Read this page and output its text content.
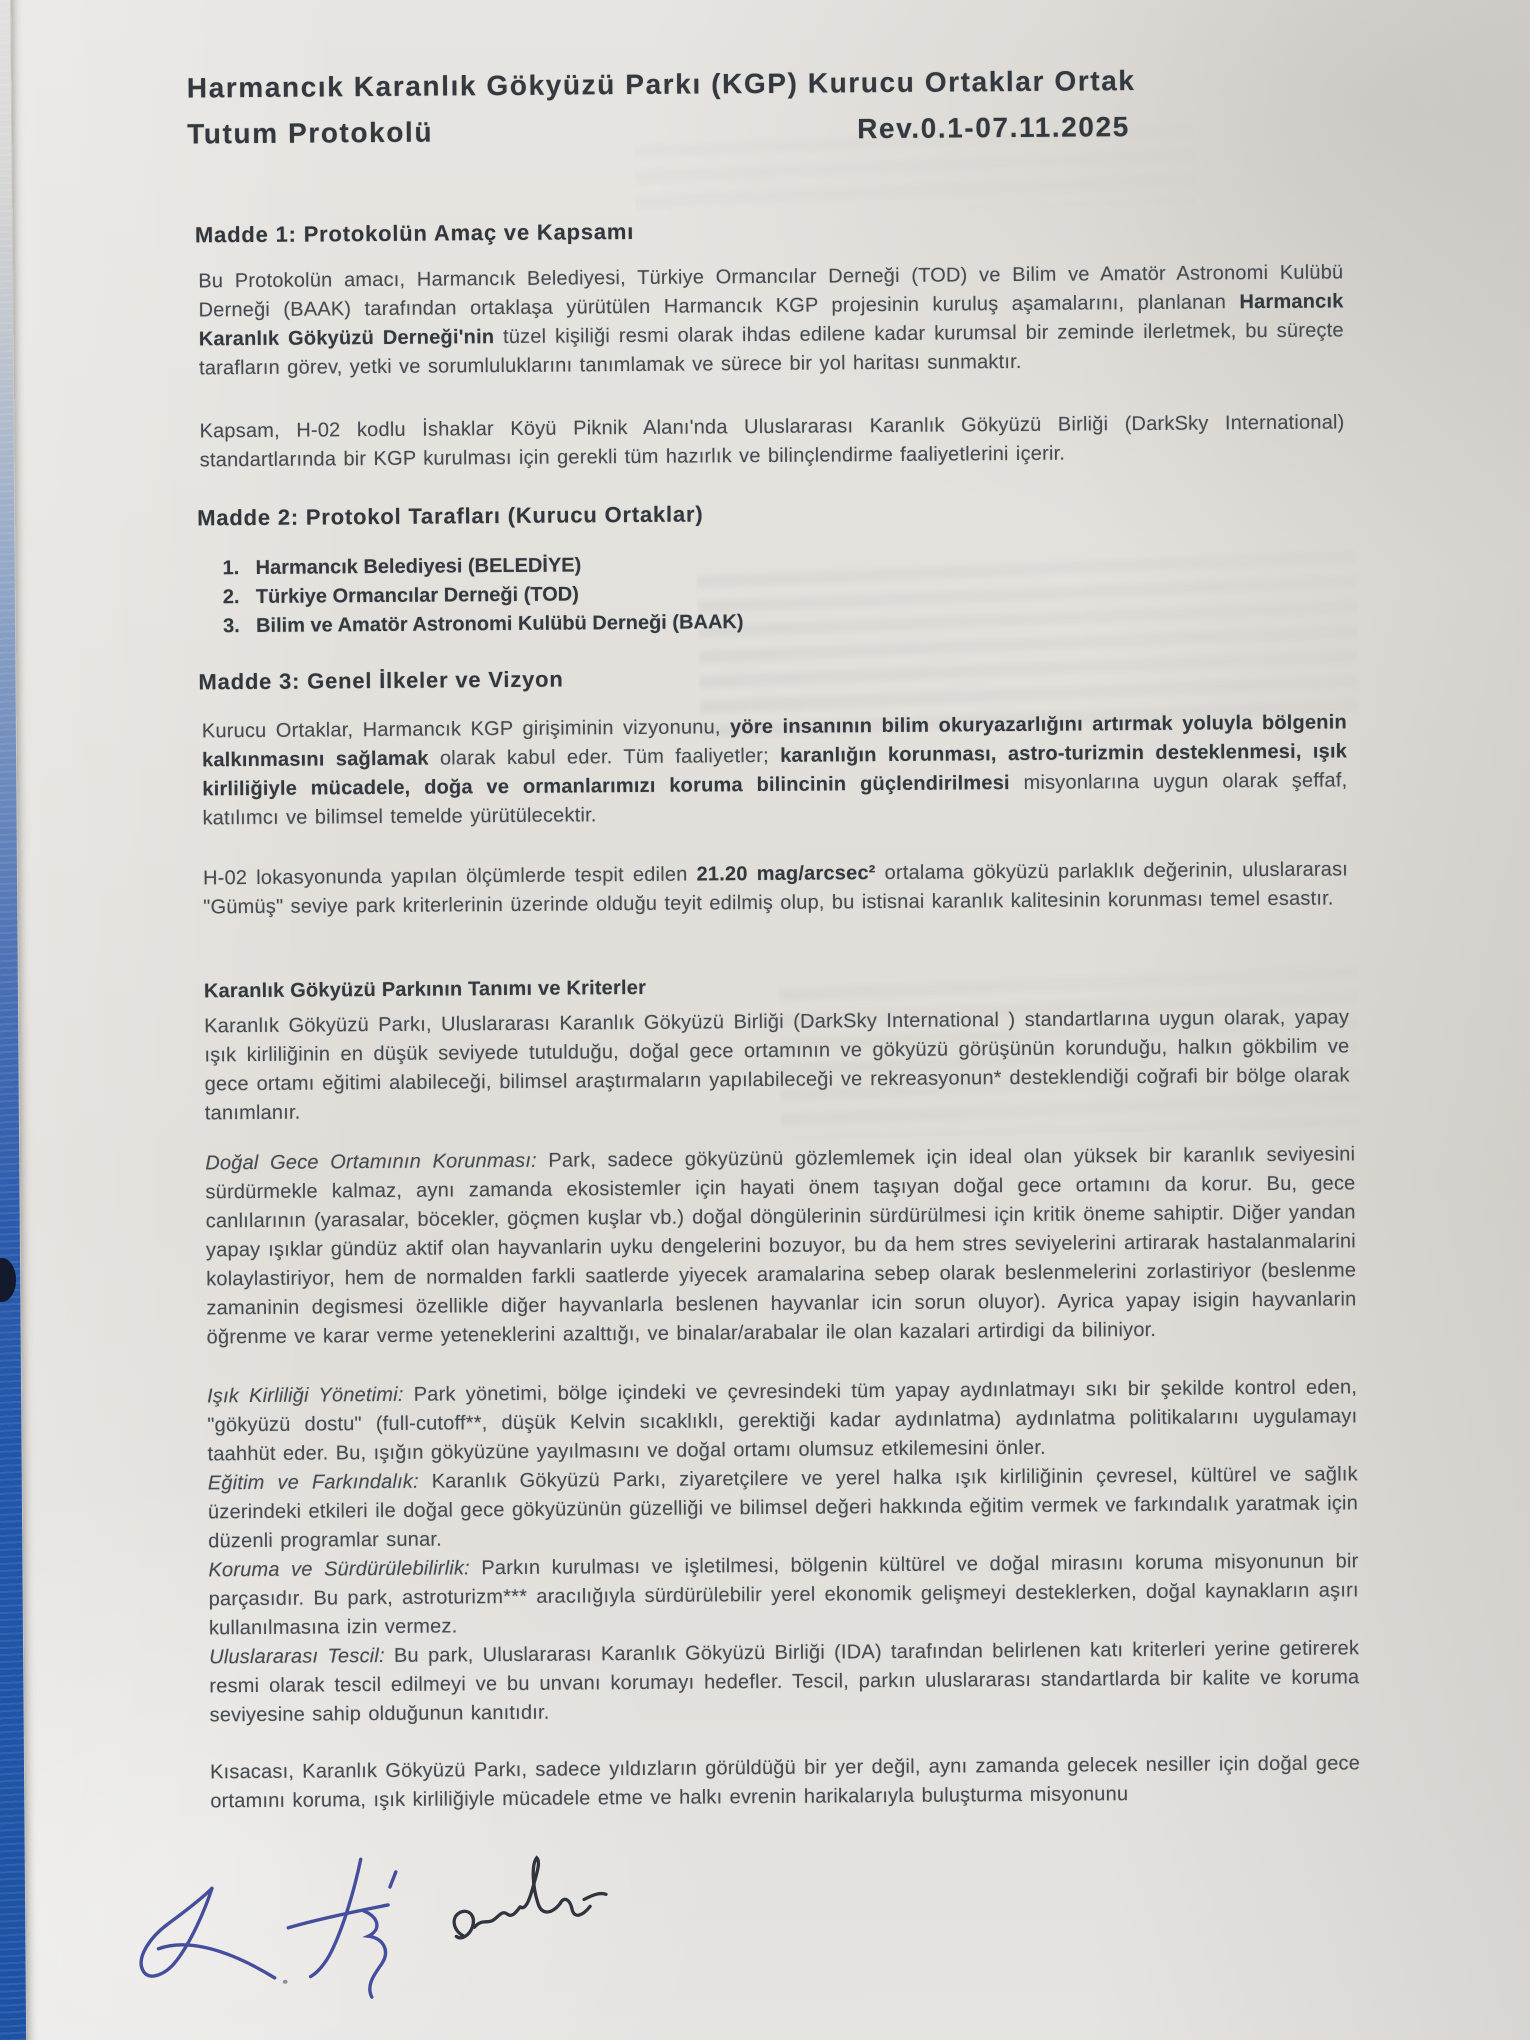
Harmancık Karanlık Gökyüzü Parkı (KGP) Kurucu Ortaklar Ortak
Tutum Protokolü	Rev.0.1-07.11.2025
Madde 1: Protokolün Amaç ve Kapsamı
Bu Protokolün amacı, Harmancık Belediyesi, Türkiye Ormancılar Derneği (TOD) ve Bilim ve Amatör Astronomi Kulübü Derneği (BAAK) tarafından ortaklaşa yürütülen Harmancık KGP projesinin kuruluş aşamalarını, planlanan Harmancık Karanlık Gökyüzü Derneği'nin tüzel kişiliği resmi olarak ihdas edilene kadar kurumsal bir zeminde ilerletmek, bu süreçte tarafların görev, yetki ve sorumluluklarını tanımlamak ve sürece bir yol haritası sunmaktır.
Kapsam, H-02 kodlu İshaklar Köyü Piknik Alanı'nda Uluslararası Karanlık Gökyüzü Birliği (DarkSky International) standartlarında bir KGP kurulması için gerekli tüm hazırlık ve bilinçlendirme faaliyetlerini içerir.
Madde 2: Protokol Tarafları (Kurucu Ortaklar)
1. Harmancık Belediyesi (BELEDİYE)
2. Türkiye Ormancılar Derneği (TOD)
3. Bilim ve Amatör Astronomi Kulübü Derneği (BAAK)
Madde 3: Genel İlkeler ve Vizyon
Kurucu Ortaklar, Harmancık KGP girişiminin vizyonunu, yöre insanının bilim okuryazarlığını artırmak yoluyla bölgenin kalkınmasını sağlamak olarak kabul eder. Tüm faaliyetler; karanlığın korunması, astro-turizmin desteklenmesi, ışık kirliliğiyle mücadele, doğa ve ormanlarımızı koruma bilincinin güçlendirilmesi misyonlarına uygun olarak şeffaf, katılımcı ve bilimsel temelde yürütülecektir.
H-02 lokasyonunda yapılan ölçümlerde tespit edilen 21.20 mag/arcsec² ortalama gökyüzü parlaklık değerinin, uluslararası "Gümüş" seviye park kriterlerinin üzerinde olduğu teyit edilmiş olup, bu istisnai karanlık kalitesinin korunması temel esastır.
Karanlık Gökyüzü Parkının Tanımı ve Kriterler
Karanlık Gökyüzü Parkı, Uluslararası Karanlık Gökyüzü Birliği (DarkSky International ) standartlarına uygun olarak, yapay ışık kirliliğinin en düşük seviyede tutulduğu, doğal gece ortamının ve gökyüzü görüşünün korunduğu, halkın gökbilim ve gece ortamı eğitimi alabileceği, bilimsel araştırmaların yapılabileceği ve rekreasyonun* desteklendiği coğrafi bir bölge olarak tanımlanır.
Doğal Gece Ortamının Korunması: Park, sadece gökyüzünü gözlemlemek için ideal olan yüksek bir karanlık seviyesini sürdürmekle kalmaz, aynı zamanda ekosistemler için hayati önem taşıyan doğal gece ortamını da korur. Bu, gece canlılarının (yarasalar, böcekler, göçmen kuşlar vb.) doğal döngülerinin sürdürülmesi için kritik öneme sahiptir. Diğer yandan yapay ışıklar gündüz aktif olan hayvanlarin uyku dengelerini bozuyor, bu da hem stres seviyelerini artirarak hastalanmalarini kolaylastiriyor, hem de normalden farkli saatlerde yiyecek aramalarina sebep olarak beslenmelerini zorlastiriyor (beslenme zamaninin degismesi özellikle diğer hayvanlarla beslenen hayvanlar icin sorun oluyor). Ayrica yapay isigin hayvanlarin öğrenme ve karar verme yeteneklerini azalttığı, ve binalar/arabalar ile olan kazalari artirdigi da biliniyor.
Işık Kirliliği Yönetimi: Park yönetimi, bölge içindeki ve çevresindeki tüm yapay aydınlatmayı sıkı bir şekilde kontrol eden, "gökyüzü dostu" (full-cutoff**, düşük Kelvin sıcaklıklı, gerektiği kadar aydınlatma) aydınlatma politikalarını uygulamayı taahhüt eder. Bu, ışığın gökyüzüne yayılmasını ve doğal ortamı olumsuz etkilemesini önler.
Eğitim ve Farkındalık: Karanlık Gökyüzü Parkı, ziyaretçilere ve yerel halka ışık kirliliğinin çevresel, kültürel ve sağlık üzerindeki etkileri ile doğal gece gökyüzünün güzelliği ve bilimsel değeri hakkında eğitim vermek ve farkındalık yaratmak için düzenli programlar sunar.
Koruma ve Sürdürülebilirlik: Parkın kurulması ve işletilmesi, bölgenin kültürel ve doğal mirasını koruma misyonunun bir parçasıdır. Bu park, astroturizm*** aracılığıyla sürdürülebilir yerel ekonomik gelişmeyi desteklerken, doğal kaynakların aşırı kullanılmasına izin vermez.
Uluslararası Tescil: Bu park, Uluslararası Karanlık Gökyüzü Birliği (IDA) tarafından belirlenen katı kriterleri yerine getirerek resmi olarak tescil edilmeyi ve bu unvanı korumayı hedefler. Tescil, parkın uluslararası standartlarda bir kalite ve koruma seviyesine sahip olduğunun kanıtıdır.
Kısacası, Karanlık Gökyüzü Parkı, sadece yıldızların görüldüğü bir yer değil, aynı zamanda gelecek nesiller için doğal gece ortamını koruma, ışık kirliliğiyle mücadele etme ve halkı evrenin harikalarıyla buluşturma misyonunu
